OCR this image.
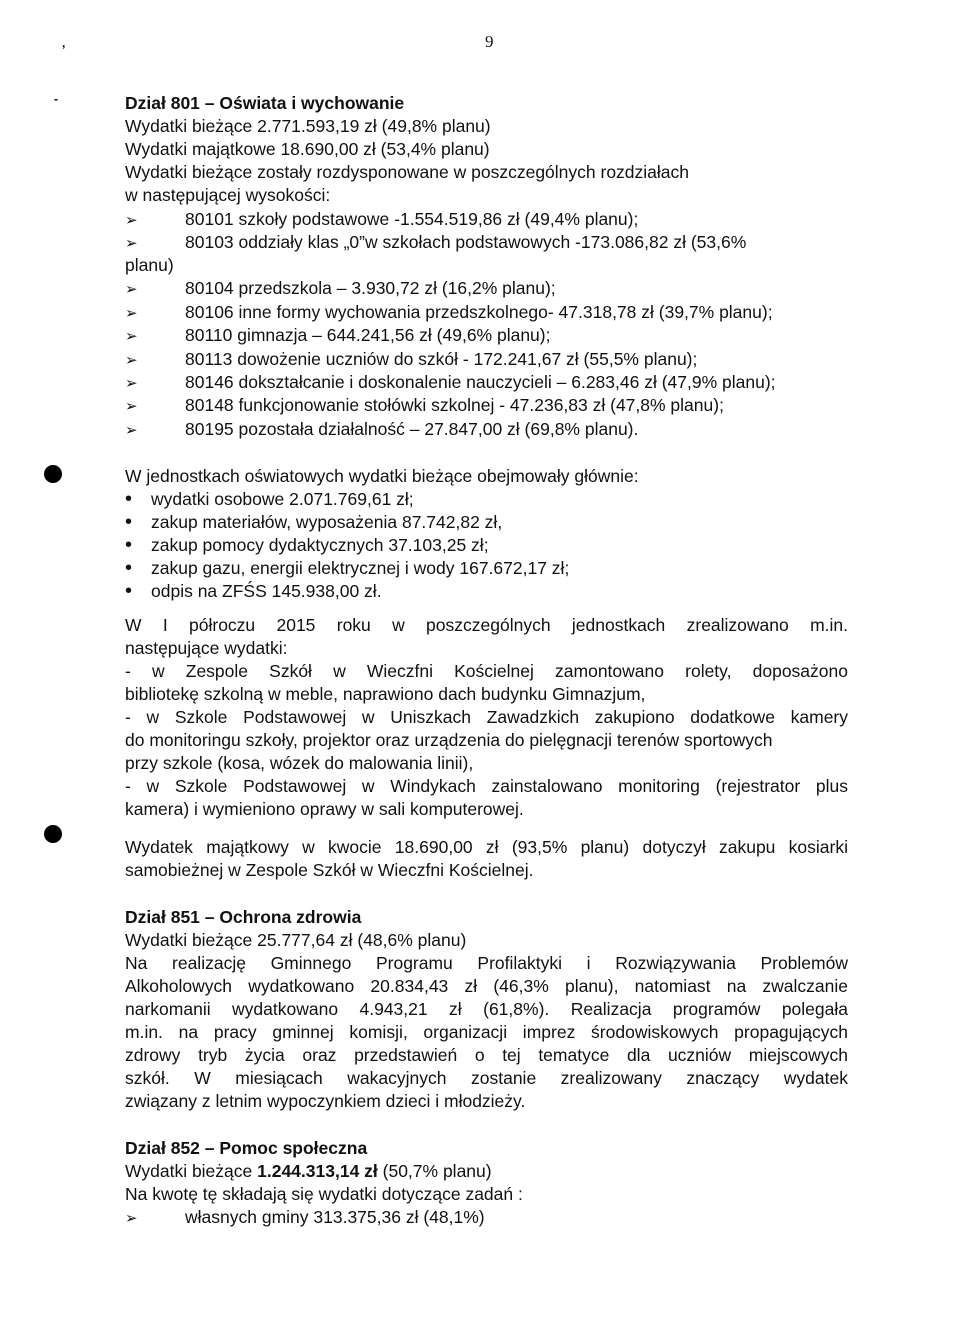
,
-
9
Dział 801 – Oświata i wychowanie
Wydatki bieżące 2.771.593,19 zł (49,8% planu)
Wydatki majątkowe 18.690,00 zł (53,4% planu)
Wydatki bieżące zostały rozdysponowane w poszczególnych rozdziałach
w następującej wysokości:
➢	80101 szkoły podstawowe -1.554.519,86 zł (49,4% planu);
➢	80103 oddziały klas „0”w szkołach podstawowych -173.086,82 zł (53,6%
planu)
➢	80104 przedszkola – 3.930,72 zł (16,2% planu);
➢	80106 inne formy wychowania przedszkolnego- 47.318,78 zł (39,7% planu);
➢	80110 gimnazja – 644.241,56 zł (49,6% planu);
➢	80113 dowożenie uczniów do szkół - 172.241,67 zł (55,5% planu);
➢	80146 dokształcanie i doskonalenie nauczycieli – 6.283,46 zł (47,9% planu);
➢	80148 funkcjonowanie stołówki szkolnej - 47.236,83 zł (47,8% planu);
➢	80195 pozostała działalność – 27.847,00 zł (69,8% planu).
W jednostkach oświatowych wydatki bieżące obejmowały głównie:
• wydatki osobowe 2.071.769,61 zł;
• zakup materiałów, wyposażenia 87.742,82 zł,
• zakup pomocy dydaktycznych 37.103,25 zł;
• zakup gazu, energii elektrycznej i wody 167.672,17 zł;
• odpis na ZFŚS 145.938,00 zł.
W I półroczu 2015 roku w poszczególnych jednostkach zrealizowano m.in.
następujące wydatki:
- w Zespole Szkół w Wieczfni Kościelnej zamontowano rolety, doposażono
bibliotekę szkolną w meble, naprawiono dach budynku Gimnazjum,
- w Szkole Podstawowej w Uniszkach Zawadzkich zakupiono dodatkowe kamery
do monitoringu szkoły, projektor oraz urządzenia do pielęgnacji terenów sportowych
przy szkole (kosa, wózek do malowania linii),
- w Szkole Podstawowej w Windykach zainstalowano monitoring (rejestrator plus
kamera) i wymieniono oprawy w sali komputerowej.
Wydatek majątkowy w kwocie 18.690,00 zł (93,5% planu) dotyczył zakupu kosiarki
samobieżnej w Zespole Szkół w Wieczfni Kościelnej.
Dział 851 – Ochrona zdrowia
Wydatki bieżące 25.777,64 zł (48,6% planu)
Na realizację Gminnego Programu Profilaktyki i Rozwiązywania Problemów
Alkoholowych wydatkowano 20.834,43 zł (46,3% planu), natomiast na zwalczanie
narkomanii wydatkowano 4.943,21 zł (61,8%). Realizacja programów polegała
m.in. na pracy gminnej komisji, organizacji imprez środowiskowych propagujących
zdrowy tryb życia oraz przedstawień o tej tematyce dla uczniów miejscowych
szkół. W miesiącach wakacyjnych zostanie zrealizowany znaczący wydatek
związany z letnim wypoczynkiem dzieci i młodzieży.
Dział 852 – Pomoc społeczna
Wydatki bieżące 1.244.313,14 zł (50,7% planu)
Na kwotę tę składają się wydatki dotyczące zadań :
➢	własnych gminy 313.375,36 zł (48,1%)
